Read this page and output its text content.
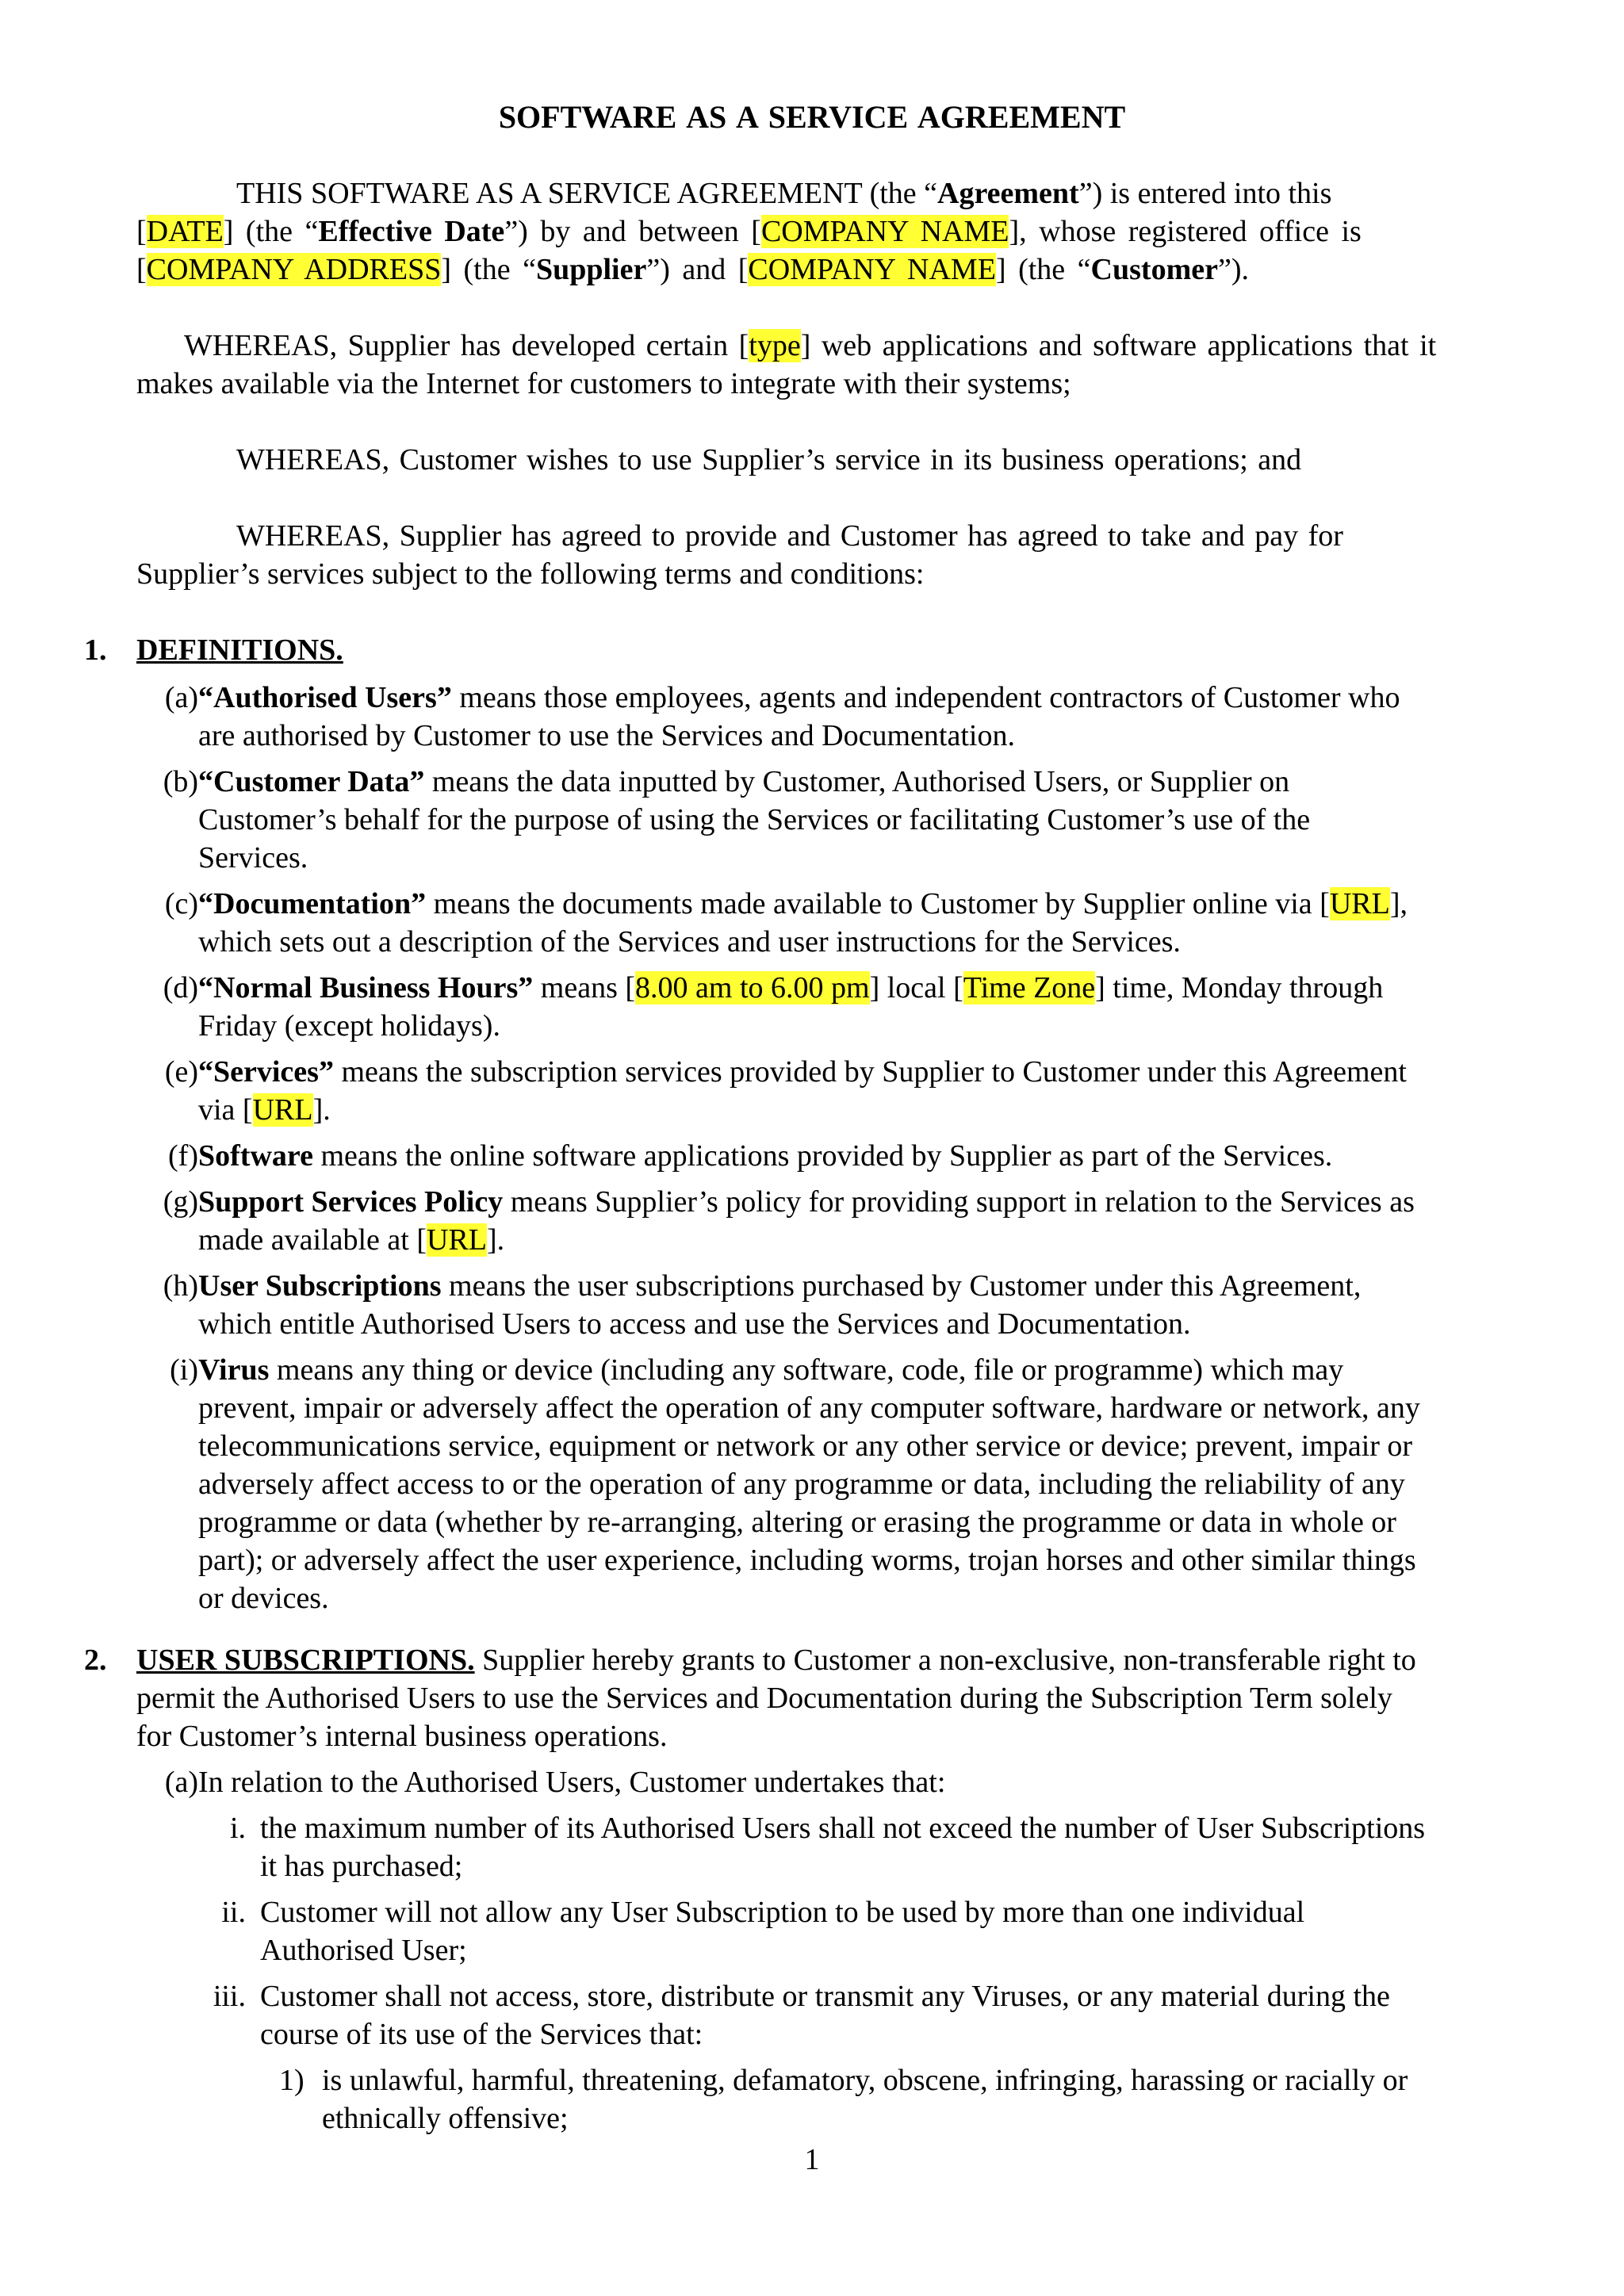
SOFTWARE AS A SERVICE AGREEMENT
THIS SOFTWARE AS A SERVICE AGREEMENT (the “Agreement”) is entered into this
[DATE] (the “Effective Date”) by and between [COMPANY NAME], whose registered office is
[COMPANY ADDRESS] (the “Supplier”) and [COMPANY NAME] (the “Customer”).
WHEREAS, Supplier has developed certain [type] web applications and software applications that it
makes available via the Internet for customers to integrate with their systems;
WHEREAS, Customer wishes to use Supplier’s service in its business operations; and
WHEREAS, Supplier has agreed to provide and Customer has agreed to take and pay for
Supplier’s services subject to the following terms and conditions:
1. DEFINITIONS.
(a) “Authorised Users” means those employees, agents and independent contractors of Customer who
are authorised by Customer to use the Services and Documentation.
(b) “Customer Data” means the data inputted by Customer, Authorised Users, or Supplier on
Customer’s behalf for the purpose of using the Services or facilitating Customer’s use of the
Services.
(c) “Documentation” means the documents made available to Customer by Supplier online via [URL],
which sets out a description of the Services and user instructions for the Services.
(d) “Normal Business Hours” means [8.00 am to 6.00 pm] local [Time Zone] time, Monday through
Friday (except holidays).
(e) “Services” means the subscription services provided by Supplier to Customer under this Agreement
via [URL].
(f) Software means the online software applications provided by Supplier as part of the Services.
(g) Support Services Policy means Supplier’s policy for providing support in relation to the Services as
made available at [URL].
(h) User Subscriptions means the user subscriptions purchased by Customer under this Agreement,
which entitle Authorised Users to access and use the Services and Documentation.
(i) Virus means any thing or device (including any software, code, file or programme) which may
prevent, impair or adversely affect the operation of any computer software, hardware or network, any
telecommunications service, equipment or network or any other service or device; prevent, impair or
adversely affect access to or the operation of any programme or data, including the reliability of any
programme or data (whether by re-arranging, altering or erasing the programme or data in whole or
part); or adversely affect the user experience, including worms, trojan horses and other similar things
or devices.
2. USER SUBSCRIPTIONS. Supplier hereby grants to Customer a non-exclusive, non-transferable right to
permit the Authorised Users to use the Services and Documentation during the Subscription Term solely
for Customer’s internal business operations.
(a) In relation to the Authorised Users, Customer undertakes that:
i. the maximum number of its Authorised Users shall not exceed the number of User Subscriptions
it has purchased;
ii. Customer will not allow any User Subscription to be used by more than one individual
Authorised User;
iii. Customer shall not access, store, distribute or transmit any Viruses, or any material during the
course of its use of the Services that:
1) is unlawful, harmful, threatening, defamatory, obscene, infringing, harassing or racially or
ethnically offensive;
1
